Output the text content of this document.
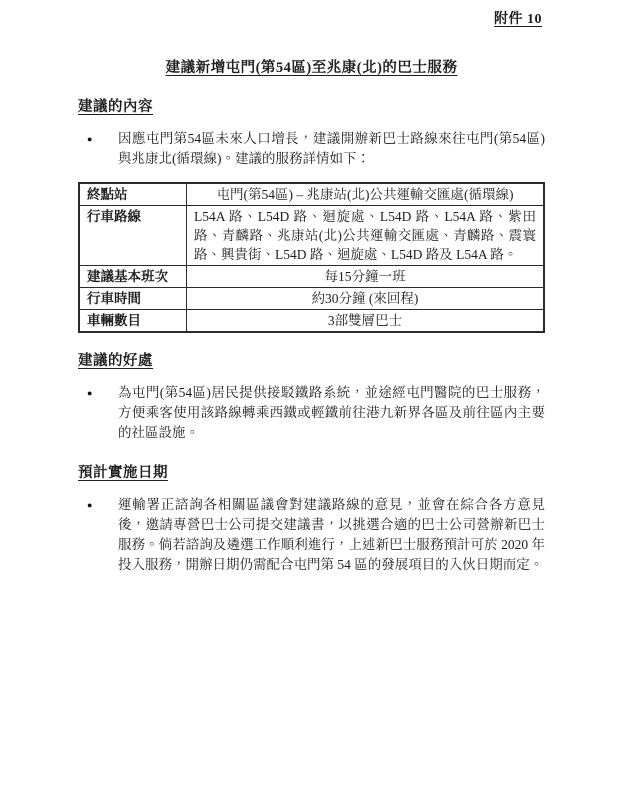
附件 10
建議新增屯門(第54區)至兆康(北)的巴士服務
建議的內容
●	因應屯門第54區未來人口增長，建議開辦新巴士路線來往屯門(第54區)與兆康北(循環線)。建議的服務詳情如下：

終點站	屯門(第54區) – 兆康站(北)公共運輸交匯處(循環線)
行車路線	L54A 路、L54D 路、迴旋處、L54D 路、L54A 路、紫田路、青麟路、兆康站(北)公共運輸交匯處、青麟路、震寰路、興貴街、L54D 路、迴旋處、L54D 路及 L54A 路。
建議基本班次	每15分鐘一班
行車時間	約30分鐘 (來回程)
車輛數目	3部雙層巴士
建議的好處
●	為屯門(第54區)居民提供接駁鐵路系統，並途經屯門醫院的巴士服務，方便乘客使用該路線轉乘西鐵或輕鐵前往港九新界各區及前往區內主要的社區設施。

預計實施日期
●	運輸署正諮詢各相關區議會對建議路線的意見，並會在綜合各方意見後，邀請專營巴士公司提交建議書，以挑選合適的巴士公司營辦新巴士服務。倘若諮詢及遴選工作順利進行，上述新巴士服務預計可於 2020 年投入服務，開辦日期仍需配合屯門第 54 區的發展項目的入伙日期而定。
